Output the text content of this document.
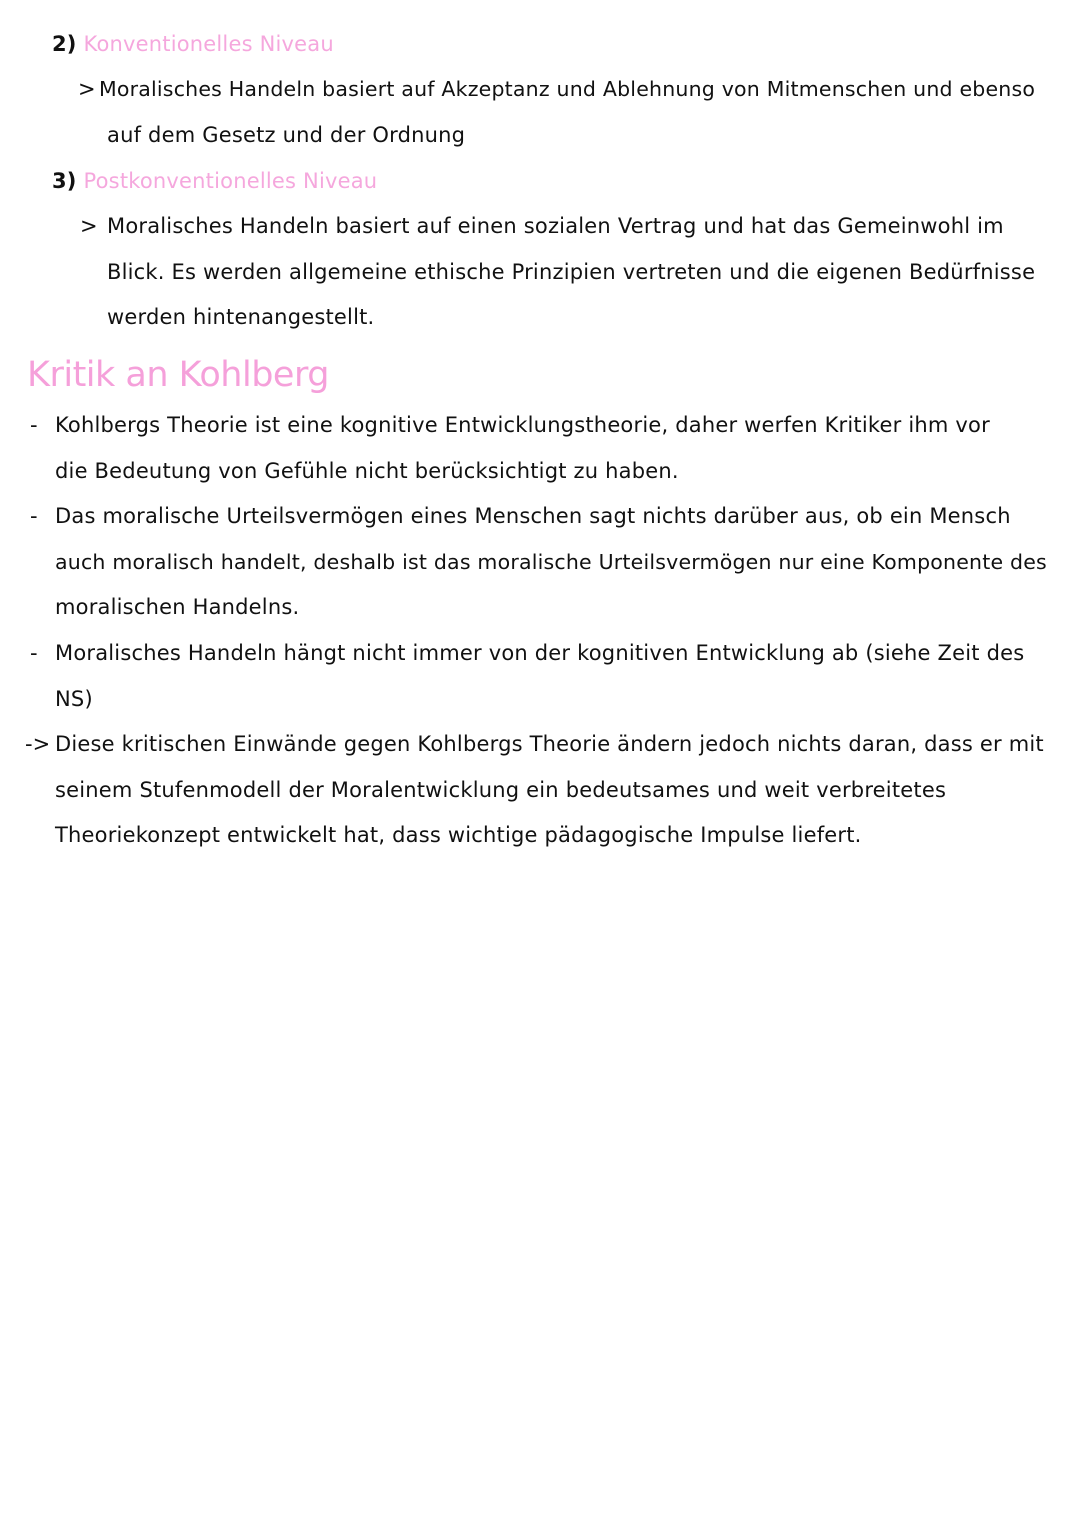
2) Konventionelles Niveau
> Moralisches Handeln basiert auf Akzeptanz und Ablehnung von Mitmenschen und ebenso
auf dem Gesetz und der Ordnung
3) Postkonventionelles Niveau
> Moralisches Handeln basiert auf einen sozialen Vertrag und hat das Gemeinwohl im
Blick. Es werden allgemeine ethische Prinzipien vertreten und die eigenen Bedürfnisse
werden hintenangestellt.
Kritik an Kohlberg
- Kohlbergs Theorie ist eine kognitive Entwicklungstheorie, daher werfen Kritiker ihm vor
die Bedeutung von Gefühle nicht berücksichtigt zu haben.
- Das moralische Urteilsvermögen eines Menschen sagt nichts darüber aus, ob ein Mensch
auch moralisch handelt, deshalb ist das moralische Urteilsvermögen nur eine Komponente des
moralischen Handelns.
- Moralisches Handeln hängt nicht immer von der kognitiven Entwicklung ab (siehe Zeit des
NS)
-> Diese kritischen Einwände gegen Kohlbergs Theorie ändern jedoch nichts daran, dass er mit
seinem Stufenmodell der Moralentwicklung ein bedeutsames und weit verbreitetes
Theoriekonzept entwickelt hat, dass wichtige pädagogische Impulse liefert.
